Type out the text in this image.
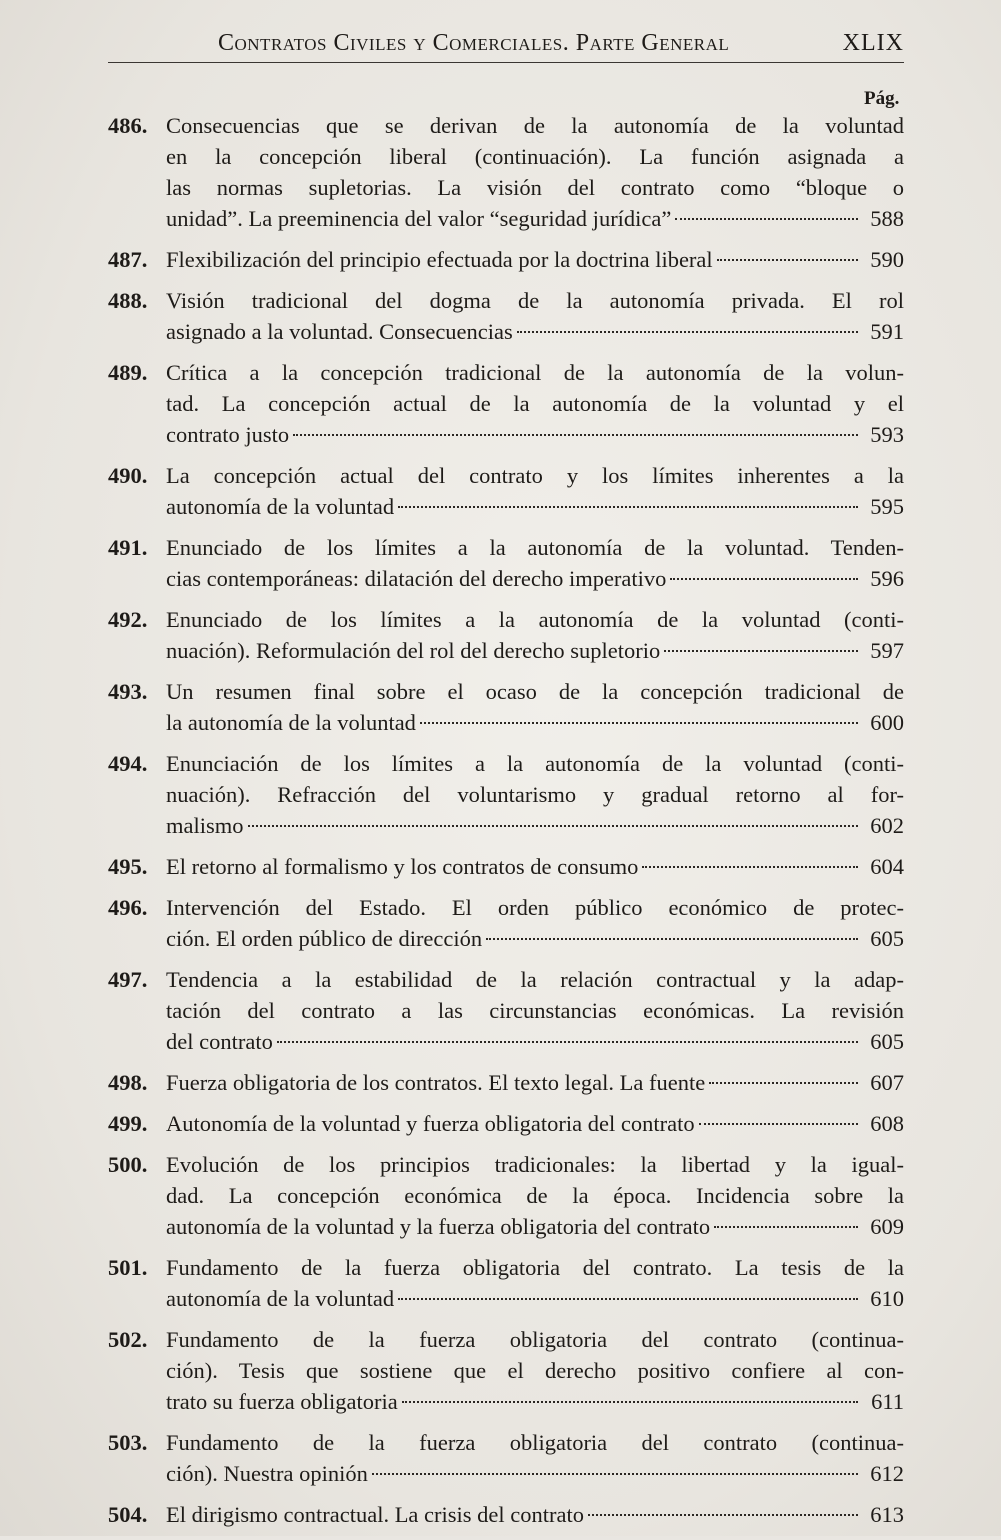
Contratos Civiles y Comerciales. Parte General	XLIX
Pág.
486. Consecuencias que se derivan de la autonomía de la voluntad
en la concepción liberal (continuación). La función asignada a
las normas supletorias. La visión del contrato como “bloque o
unidad”. La preeminencia del valor “seguridad jurídica”	588
487. Flexibilización del principio efectuada por la doctrina liberal	590
488. Visión tradicional del dogma de la autonomía privada. El rol
asignado a la voluntad. Consecuencias	591
489. Crítica a la concepción tradicional de la autonomía de la volun-
tad. La concepción actual de la autonomía de la voluntad y el
contrato justo	593
490. La concepción actual del contrato y los límites inherentes a la
autonomía de la voluntad	595
491. Enunciado de los límites a la autonomía de la voluntad. Tenden-
cias contemporáneas: dilatación del derecho imperativo	596
492. Enunciado de los límites a la autonomía de la voluntad (conti-
nuación). Reformulación del rol del derecho supletorio	597
493. Un resumen final sobre el ocaso de la concepción tradicional de
la autonomía de la voluntad	600
494. Enunciación de los límites a la autonomía de la voluntad (conti-
nuación). Refracción del voluntarismo y gradual retorno al for-
malismo	602
495. El retorno al formalismo y los contratos de consumo	604
496. Intervención del Estado. El orden público económico de protec-
ción. El orden público de dirección	605
497. Tendencia a la estabilidad de la relación contractual y la adap-
tación del contrato a las circunstancias económicas. La revisión
del contrato	605
498. Fuerza obligatoria de los contratos. El texto legal. La fuente	607
499. Autonomía de la voluntad y fuerza obligatoria del contrato	608
500. Evolución de los principios tradicionales: la libertad y la igual-
dad. La concepción económica de la época. Incidencia sobre la
autonomía de la voluntad y la fuerza obligatoria del contrato	609
501. Fundamento de la fuerza obligatoria del contrato. La tesis de la
autonomía de la voluntad	610
502. Fundamento de la fuerza obligatoria del contrato (continua-
ción). Tesis que sostiene que el derecho positivo confiere al con-
trato su fuerza obligatoria	611
503. Fundamento de la fuerza obligatoria del contrato (continua-
ción). Nuestra opinión	612
504. El dirigismo contractual. La crisis del contrato	613
